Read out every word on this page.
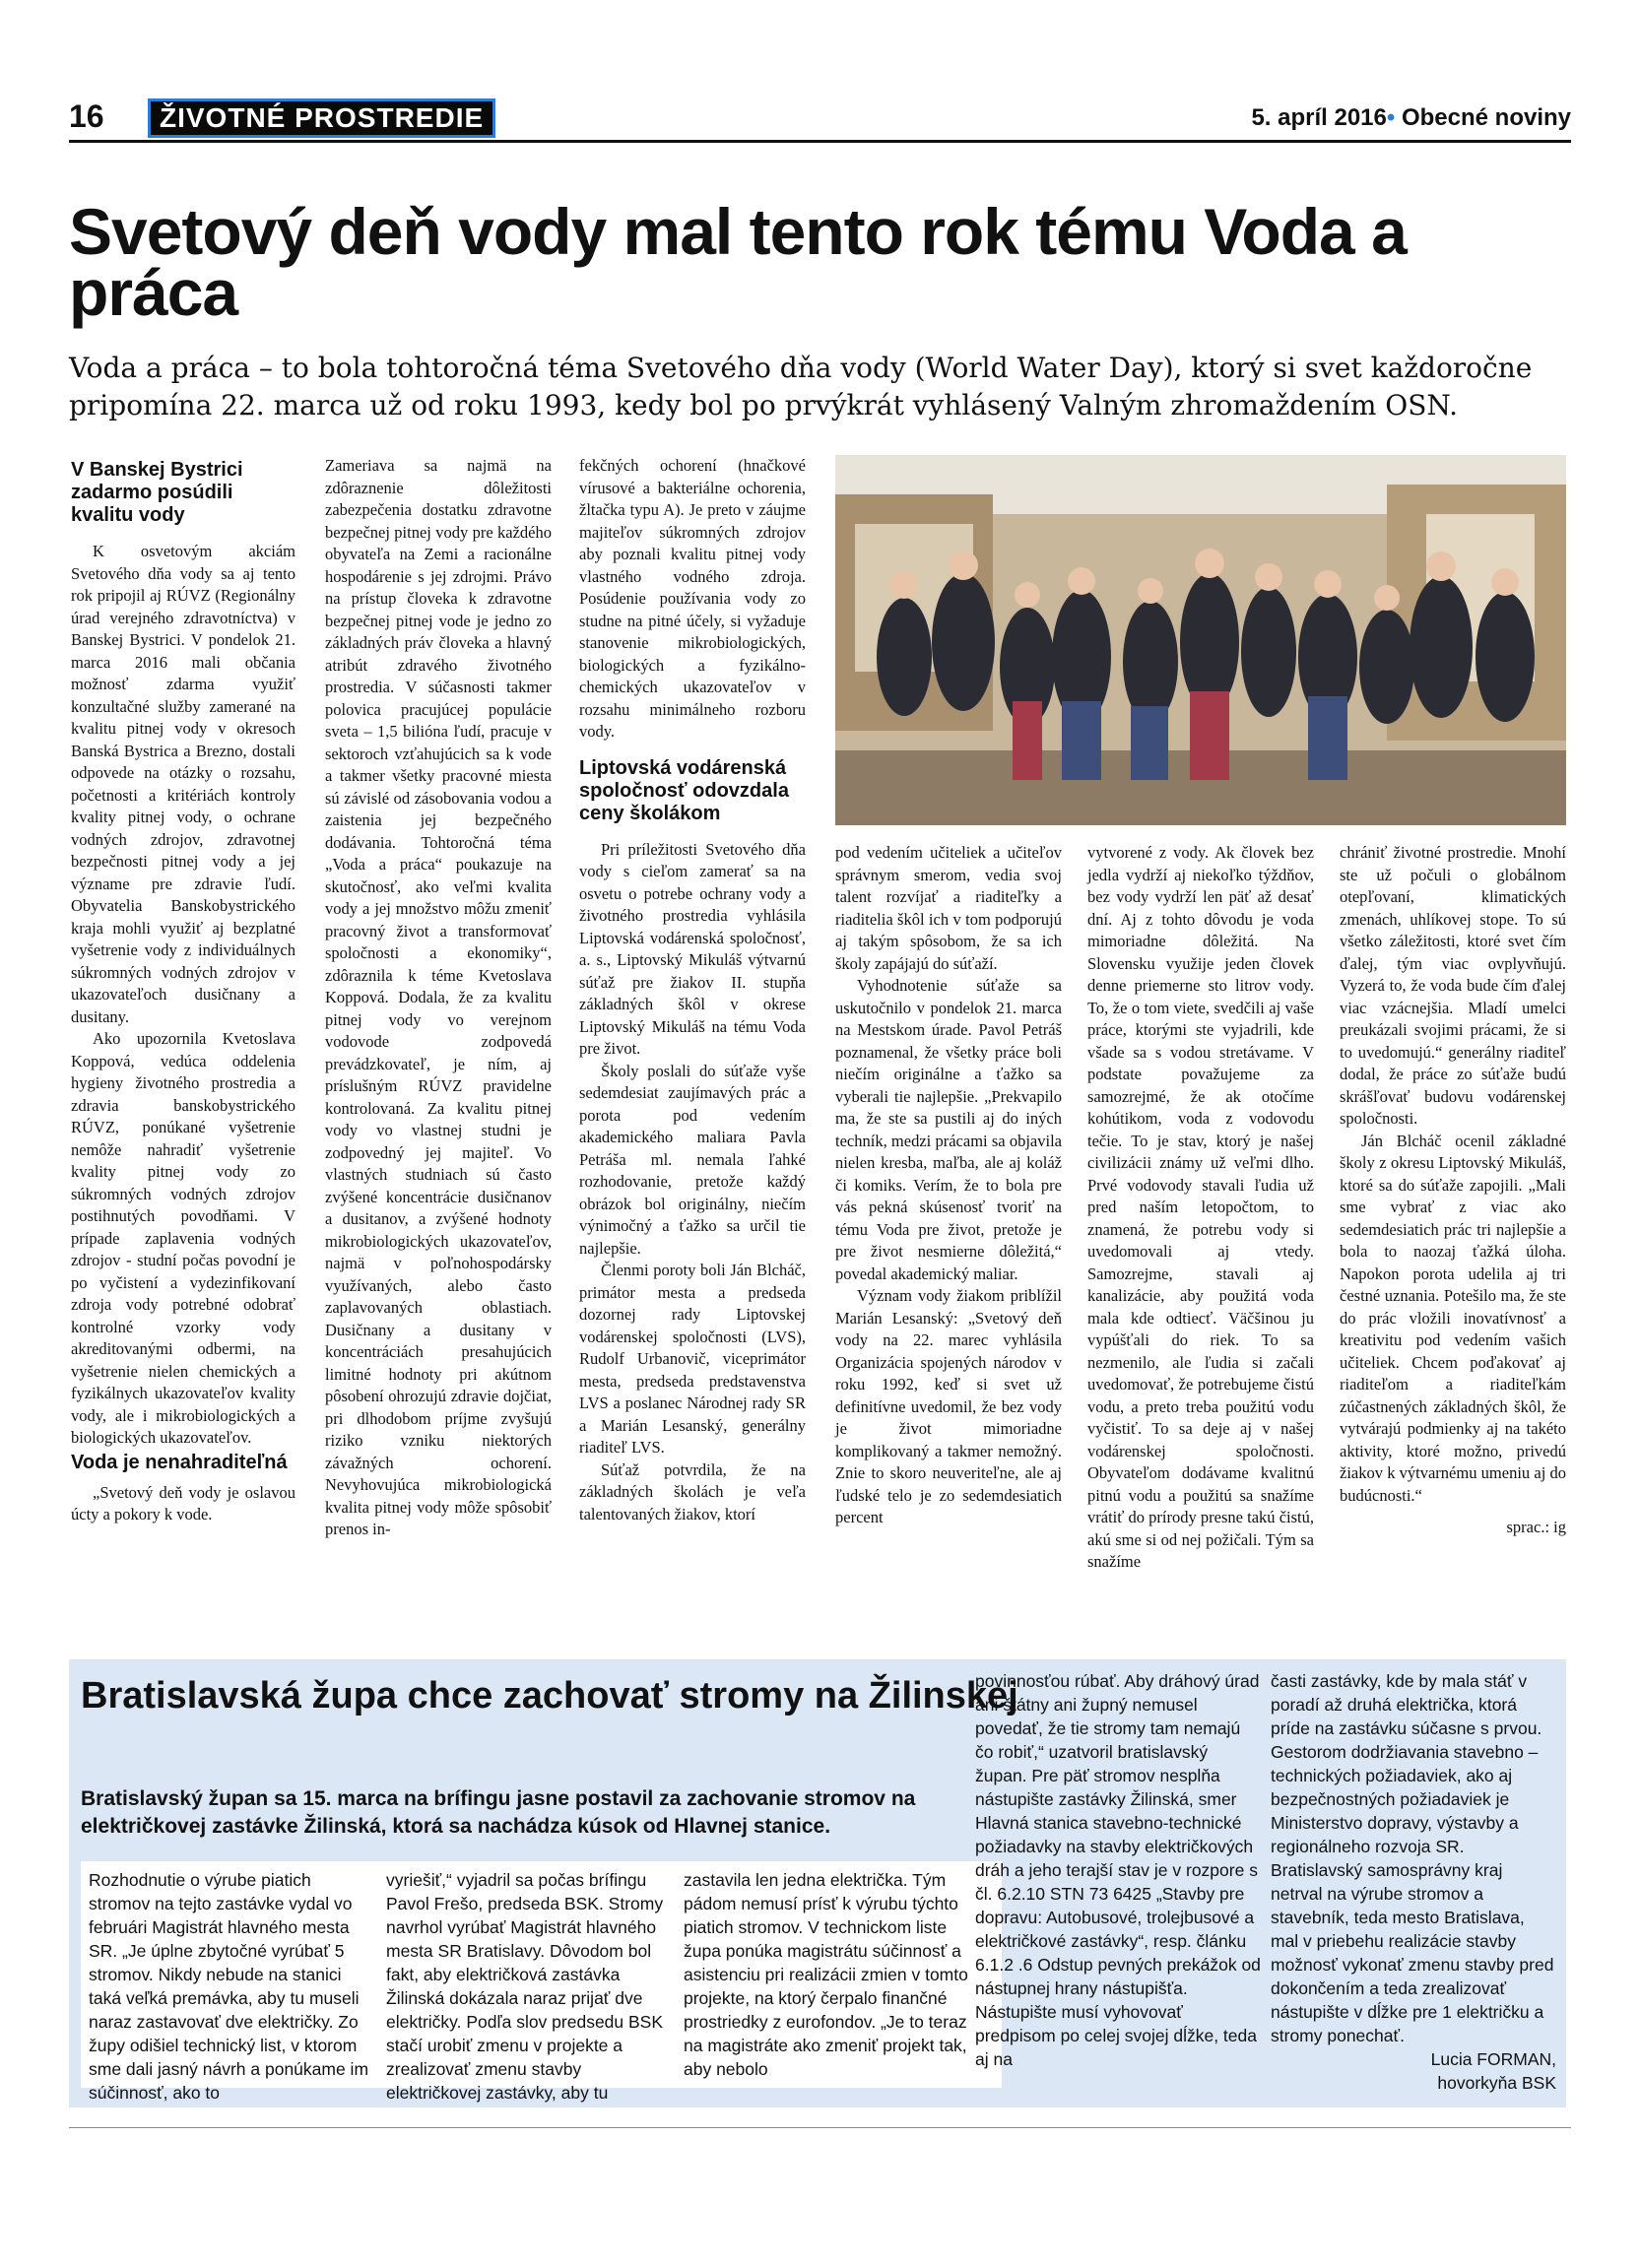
16	ŽIVOTNÉ PROSTREDIE	5. apríl 2016• Obecné noviny
Svetový deň vody mal tento rok tému Voda a práca

Voda a práca – to bola tohtoročná téma Svetového dňa vody (World Water Day), ktorý si svet každoročne pripomína 22. marca už od roku 1993, kedy bol po prvýkrát vyhlásený Valným zhromaždením OSN.

V Banskej Bystrici zadarmo posúdili kvalitu vody

K osvetovým akciám Svetového dňa vody sa aj tento rok pripojil aj RÚVZ (Regionálny úrad verejného zdravotníctva) v Banskej Bystrici. V pondelok 21. marca 2016 mali občania možnosť zdarma využiť konzultačné služby zamerané na kvalitu pitnej vody v okresoch Banská Bystrica a Brezno, dostali odpovede na otázky o rozsahu, početnosti a kritériách kontroly kvality pitnej vody, o ochrane vodných zdrojov, zdravotnej bezpečnosti pitnej vody a jej význame pre zdravie ľudí. Obyvatelia Banskobystrického kraja mohli využiť aj bezplatné vyšetrenie vody z individuálnych súkromných vodných zdrojov v ukazovateľoch dusičnany a dusitany.

Ako upozornila Kvetoslava Koppová, vedúca oddelenia hygieny životného prostredia a zdravia banskobystrického RÚVZ, ponúkané vyšetrenie nemôže nahradiť vyšetrenie kvality pitnej vody zo súkromných vodných zdrojov postihnutých povodňami. V prípade zaplavenia vodných zdrojov - studní počas povodní je po vyčistení a vydezinfikovaní zdroja vody potrebné odobrať kontrolné vzorky vody akreditovanými odbermi, na vyšetrenie nielen chemických a fyzikálnych ukazovateľov kvality vody, ale i mikrobiologických a biologických ukazovateľov.

Voda je nenahraditeľná

„Svetový deň vody je oslavou úcty a pokory k vode.

Zameriava sa najmä na zdôraznenie dôležitosti zabezpečenia dostatku zdravotne bezpečnej pitnej vody pre každého obyvateľa na Zemi a racionálne hospodárenie s jej zdrojmi. Právo na prístup človeka k zdravotne bezpečnej pitnej vode je jedno zo základných práv človeka a hlavný atribút zdravého životného prostredia. V súčasnosti takmer polovica pracujúcej populácie sveta – 1,5 bilióna ľudí, pracuje v sektoroch vzťahujúcich sa k vode a takmer všetky pracovné miesta sú závislé od zásobovania vodou a zaistenia jej bezpečného dodávania. Tohtoročná téma „Voda a práca“ poukazuje na skutočnosť, ako veľmi kvalita vody a jej množstvo môžu zmeniť pracovný život a transformovať spoločnosti a ekonomiky“, zdôraznila k téme Kvetoslava Koppová. Dodala, že za kvalitu pitnej vody vo verejnom vodovode zodpovedá prevádzkovateľ, je ním, aj príslušným RÚVZ pravidelne kontrolovaná. Za kvalitu pitnej vody vo vlastnej studni je zodpovedný jej majiteľ. Vo vlastných studniach sú často zvýšené koncentrácie dusičnanov a dusitanov, a zvýšené hodnoty mikrobiologických ukazovateľov, najmä v poľnohospodársky využívaných, alebo často zaplavovaných oblastiach. Dusičnany a dusitany v koncentráciách presahujúcich limitné hodnoty pri akútnom pôsobení ohrozujú zdravie dojčiat, pri dlhodobom príjme zvyšujú riziko vzniku niektorých závažných ochorení. Nevyhovujúca mikrobiologická kvalita pitnej vody môže spôsobiť prenos in-

fekčných ochorení (hnačkové vírusové a bakteriálne ochorenia, žltačka typu A). Je preto v záujme majiteľov súkromných zdrojov aby poznali kvalitu pitnej vody vlastného vodného zdroja. Posúdenie používania vody zo studne na pitné účely, si vyžaduje stanovenie mikrobiologických, biologických a fyzikálno-chemických ukazovateľov v rozsahu minimálneho rozboru vody.

Liptovská vodárenská spoločnosť odovzdala ceny školákom

Pri príležitosti Svetového dňa vody s cieľom zamerať sa na osvetu o potrebe ochrany vody a životného prostredia vyhlásila Liptovská vodárenská spoločnosť, a. s., Liptovský Mikuláš výtvarnú súťaž pre žiakov II. stupňa základných škôl v okrese Liptovský Mikuláš na tému Voda pre život.

Školy poslali do súťaže vyše sedemdesiat zaujímavých prác a porota pod vedením akademického maliara Pavla Petráša ml. nemala ľahké rozhodovanie, pretože každý obrázok bol originálny, niečím výnimočný a ťažko sa určil tie najlepšie.

Členmi poroty boli Ján Blcháč, primátor mesta a predseda dozornej rady Liptovskej vodárenskej spoločnosti (LVS), Rudolf Urbanovič, viceprimátor mesta, predseda predstavenstva LVS a poslanec Národnej rady SR a Marián Lesanský, generálny riaditeľ LVS.

Súťaž potvrdila, že na základných školách je veľa talentovaných žiakov, ktorí

pod vedením učiteliek a učiteľov správnym smerom, vedia svoj talent rozvíjať a riaditeľky a riaditelia škôl ich v tom podporujú aj takým spôsobom, že sa ich školy zapájajú do súťaží.

Vyhodnotenie súťaže sa uskutočnilo v pondelok 21. marca na Mestskom úrade. Pavol Petráš poznamenal, že všetky práce boli niečím originálne a ťažko sa vyberali tie najlepšie. „Prekvapilo ma, že ste sa pustili aj do iných techník, medzi prácami sa objavila nielen kresba, maľba, ale aj koláž či komiks. Verím, že to bola pre vás pekná skúsenosť tvoriť na tému Voda pre život, pretože je pre život nesmierne dôležitá,“ povedal akademický maliar.

Význam vody žiakom priblížil Marián Lesanský: „Svetový deň vody na 22. marec vyhlásila Organizácia spojených národov v roku 1992, keď si svet už definitívne uvedomil, že bez vody je život mimoriadne komplikovaný a takmer nemožný. Znie to skoro neuveriteľne, ale aj ľudské telo je zo sedemdesiatich percent

vytvorené z vody. Ak človek bez jedla vydrží aj niekoľko týždňov, bez vody vydrží len päť až desať dní. Aj z tohto dôvodu je voda mimoriadne dôležitá. Na Slovensku využije jeden človek denne priemerne sto litrov vody. To, že o tom viete, svedčili aj vaše práce, ktorými ste vyjadrili, kde všade sa s vodou stretávame. V podstate považujeme za samozrejmé, že ak otočíme kohútikom, voda z vodovodu tečie. To je stav, ktorý je našej civilizácii známy už veľmi dlho. Prvé vodovody stavali ľudia už pred naším letopočtom, to znamená, že potrebu vody si uvedomovali aj vtedy. Samozrejme, stavali aj kanalizácie, aby použitá voda mala kde odtiecť. Väčšinou ju vypúšťali do riek. To sa nezmenilo, ale ľudia si začali uvedomovať, že potrebujeme čistú vodu, a preto treba použitú vodu vyčistiť. To sa deje aj v našej vodárenskej spoločnosti. Obyvateľom dodávame kvalitnú pitnú vodu a použitú sa snažíme vrátiť do prírody presne takú čistú, akú sme si od nej požičali. Tým sa snažíme

chrániť životné prostredie. Mnohí ste už počuli o globálnom otepľovaní, klimatických zmenách, uhlíkovej stope. To sú všetko záležitosti, ktoré svet čím ďalej, tým viac ovplyvňujú. Vyzerá to, že voda bude čím ďalej viac vzácnejšia. Mladí umelci preukázali svojimi prácami, že si to uvedomujú.“ generálny riaditeľ dodal, že práce zo súťaže budú skrášľovať budovu vodárenskej spoločnosti.

Ján Blcháč ocenil základné školy z okresu Liptovský Mikuláš, ktoré sa do súťaže zapojili. „Mali sme vybrať z viac ako sedemdesiatich prác tri najlepšie a bola to naozaj ťažká úloha. Napokon porota udelila aj tri čestné uznania. Potešilo ma, že ste do prác vložili inovatívnosť a kreativitu pod vedením vašich učiteliek. Chcem poďakovať aj riaditeľom a riaditeľkám zúčastnených základných škôl, že vytvárajú podmienky aj na takéto aktivity, ktoré možno, privedú žiakov k výtvarnému umeniu aj do budúcnosti.“

sprac.: ig
Bratislavská župa chce zachovať stromy na Žilinskej

Bratislavský župan sa 15. marca na brífingu jasne postavil za zachovanie stromov na električkovej zastávke Žilinská, ktorá sa nachádza kúsok od Hlavnej stanice.

Rozhodnutie o výrube piatich stromov na tejto zastávke vydal vo februári Magistrát hlavného mesta SR. „Je úplne zbytočné vyrúbať 5 stromov. Nikdy nebude na stanici taká veľká premávka, aby tu museli naraz zastavovať dve električky. Zo župy odišiel technický list, v ktorom sme dali jasný návrh a ponúkame im súčinnosť, ako to

vyriešiť,“ vyjadril sa počas brífingu Pavol Frešo, predseda BSK. Stromy navrhol vyrúbať Magistrát hlavného mesta SR Bratislavy. Dôvodom bol fakt, aby električková zastávka Žilinská dokázala naraz prijať dve električky. Podľa slov predsedu BSK stačí urobiť zmenu v projekte a zrealizovať zmenu stavby električkovej zastávky, aby tu

zastavila len jedna električka. Tým pádom nemusí prísť k výrubu týchto piatich stromov. V technickom liste župa ponúka magistrátu súčinnosť a asistenciu pri realizácii zmien v tomto projekte, na ktorý čerpalo finančné prostriedky z eurofondov. „Je to teraz na magistráte ako zmeniť projekt tak, aby nebolo

povinnosťou rúbať. Aby dráhový úrad ani štátny ani župný nemusel povedať, že tie stromy tam nemajú čo robiť,“ uzatvoril bratislavský župan. Pre päť stromov nesplňa nástupište zastávky Žilinská, smer Hlavná stanica stavebno-technické požiadavky na stavby električkových dráh a jeho terajší stav je v rozpore s čl. 6.2.10 STN 73 6425 „Stavby pre dopravu: Autobusové, trolejbusové a električkové zastávky“, resp. článku 6.1.2 .6 Odstup pevných prekážok od nástupnej hrany nástupišťa. Nástupište musí vyhovovať predpisom po celej svojej dĺžke, teda aj na

časti zastávky, kde by mala stáť v poradí až druhá električka, ktorá príde na zastávku súčasne s prvou. Gestorom dodržiavania stavebno – technických požiadaviek, ako aj bezpečnostných požiadaviek je Ministerstvo dopravy, výstavby a regionálneho rozvoja SR. Bratislavský samosprávny kraj netrval na výrube stromov a stavebník, teda mesto Bratislava, mal v priebehu realizácie stavby možnosť vykonať zmenu stavby pred dokončením a teda zrealizovať nástupište v dĺžke pre 1 električku a stromy ponechať.

Lucia FORMAN,

hovorkyňa BSK
